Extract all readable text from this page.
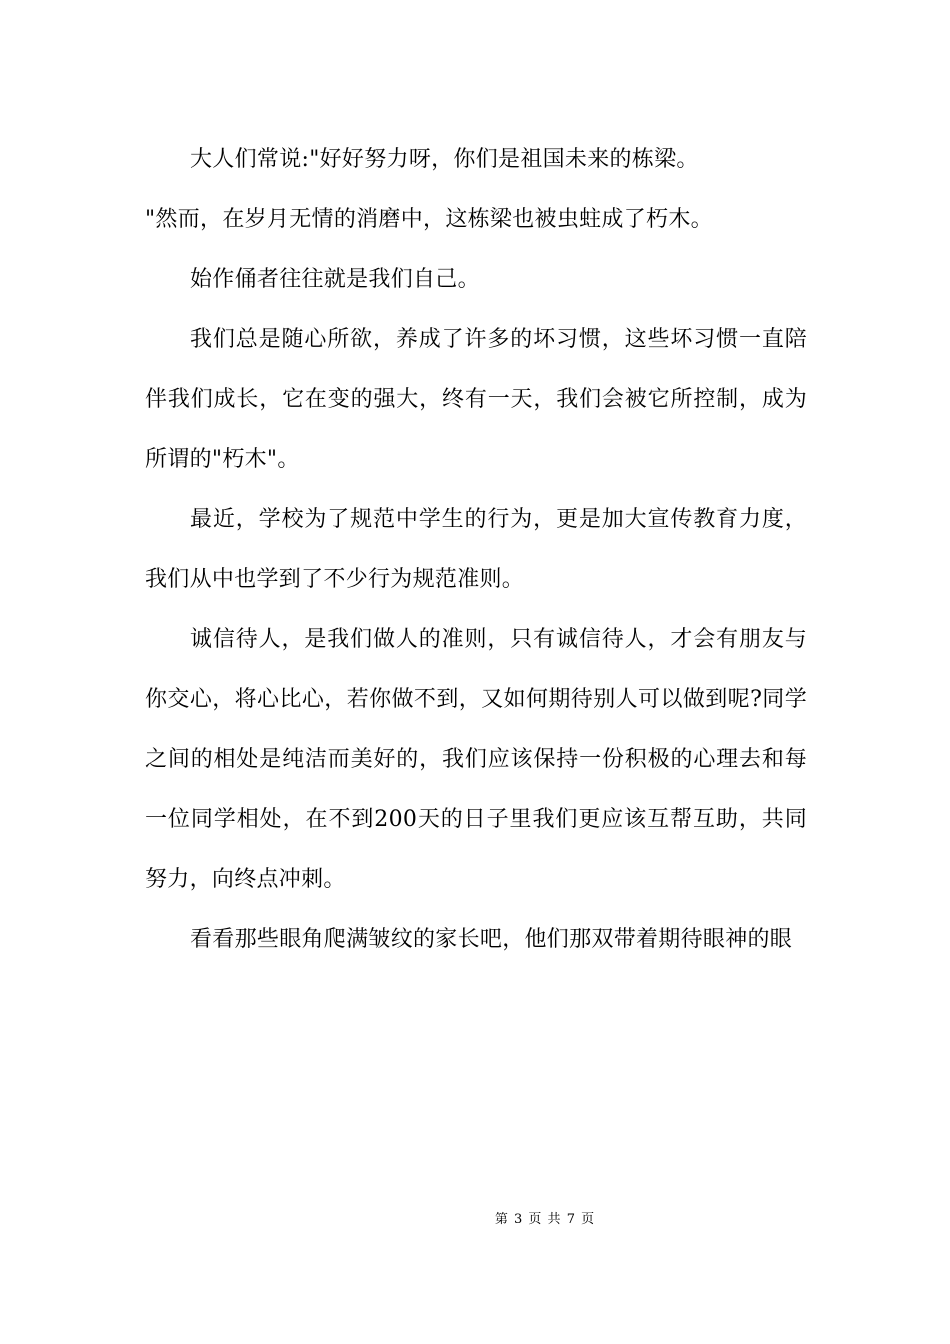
大人们常说:"好好努力呀，你们是祖国未来的栋梁。

"然而，在岁月无情的消磨中，这栋梁也被虫蛀成了朽木。

始作俑者往往就是我们自己。

我们总是随心所欲，养成了许多的坏习惯，这些坏习惯一直陪伴我们成长，它在变的强大，终有一天，我们会被它所控制，成为所谓的"朽木"。

最近，学校为了规范中学生的行为，更是加大宣传教育力度，我们从中也学到了不少行为规范准则。

诚信待人，是我们做人的准则，只有诚信待人，才会有朋友与你交心，将心比心，若你做不到，又如何期待别人可以做到呢?同学之间的相处是纯洁而美好的，我们应该保持一份积极的心理去和每一位同学相处，在不到200天的日子里我们更应该互帮互助，共同努力，向终点冲刺。

看看那些眼角爬满皱纹的家长吧，他们那双带着期待眼神的眼

第 3 页 共 7 页
